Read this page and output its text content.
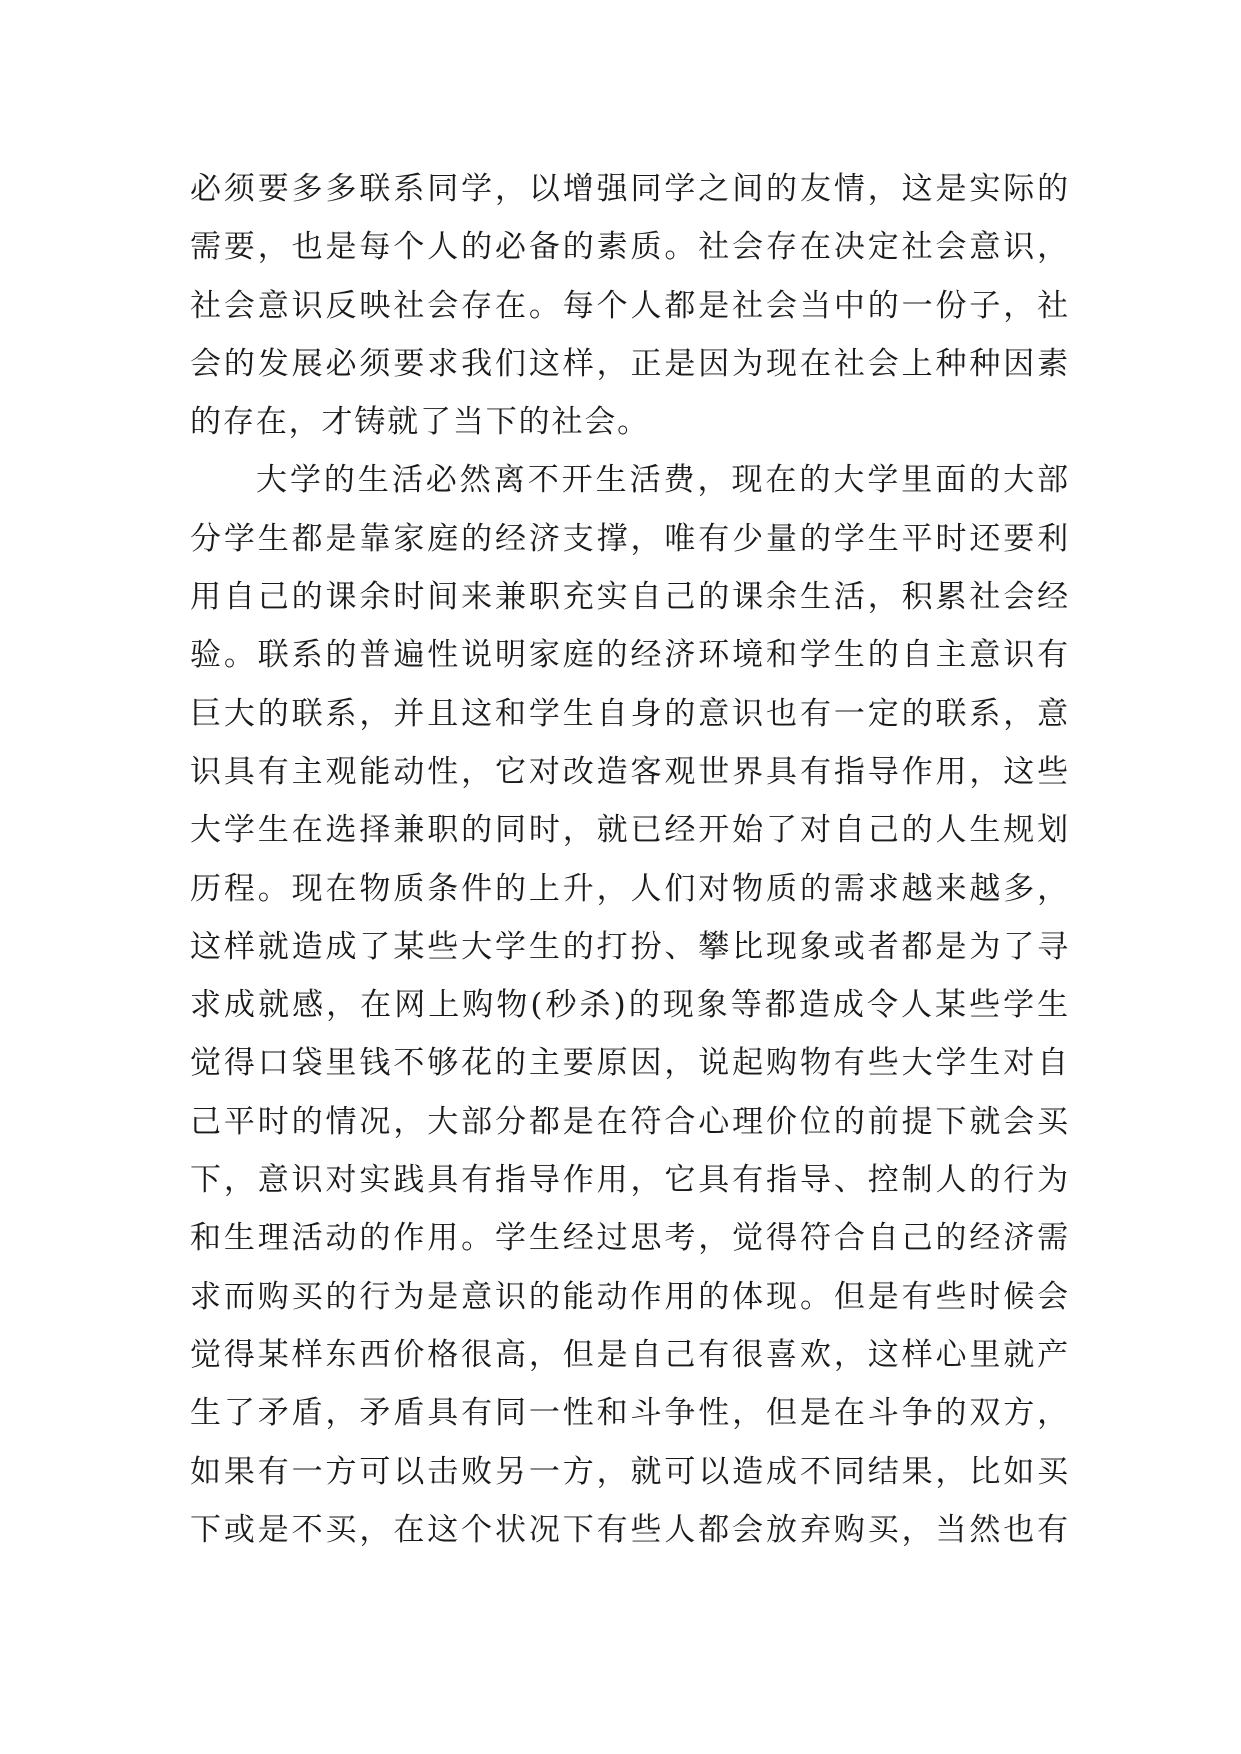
必须要多多联系同学，以增强同学之间的友情，这是实际的
需要，也是每个人的必备的素质。社会存在决定社会意识，
社会意识反映社会存在。每个人都是社会当中的一份子，社
会的发展必须要求我们这样，正是因为现在社会上种种因素
的存在，才铸就了当下的社会。
大学的生活必然离不开生活费，现在的大学里面的大部
分学生都是靠家庭的经济支撑，唯有少量的学生平时还要利
用自己的课余时间来兼职充实自己的课余生活，积累社会经
验。联系的普遍性说明家庭的经济环境和学生的自主意识有
巨大的联系，并且这和学生自身的意识也有一定的联系，意
识具有主观能动性，它对改造客观世界具有指导作用，这些
大学生在选择兼职的同时，就已经开始了对自己的人生规划
历程。现在物质条件的上升，人们对物质的需求越来越多，
这样就造成了某些大学生的打扮、攀比现象或者都是为了寻
求成就感，在网上购物(秒杀)的现象等都造成令人某些学生
觉得口袋里钱不够花的主要原因，说起购物有些大学生对自
己平时的情况，大部分都是在符合心理价位的前提下就会买
下，意识对实践具有指导作用，它具有指导、控制人的行为
和生理活动的作用。学生经过思考，觉得符合自己的经济需
求而购买的行为是意识的能动作用的体现。但是有些时候会
觉得某样东西价格很高，但是自己有很喜欢，这样心里就产
生了矛盾，矛盾具有同一性和斗争性，但是在斗争的双方，
如果有一方可以击败另一方，就可以造成不同结果，比如买
下或是不买，在这个状况下有些人都会放弃购买，当然也有
